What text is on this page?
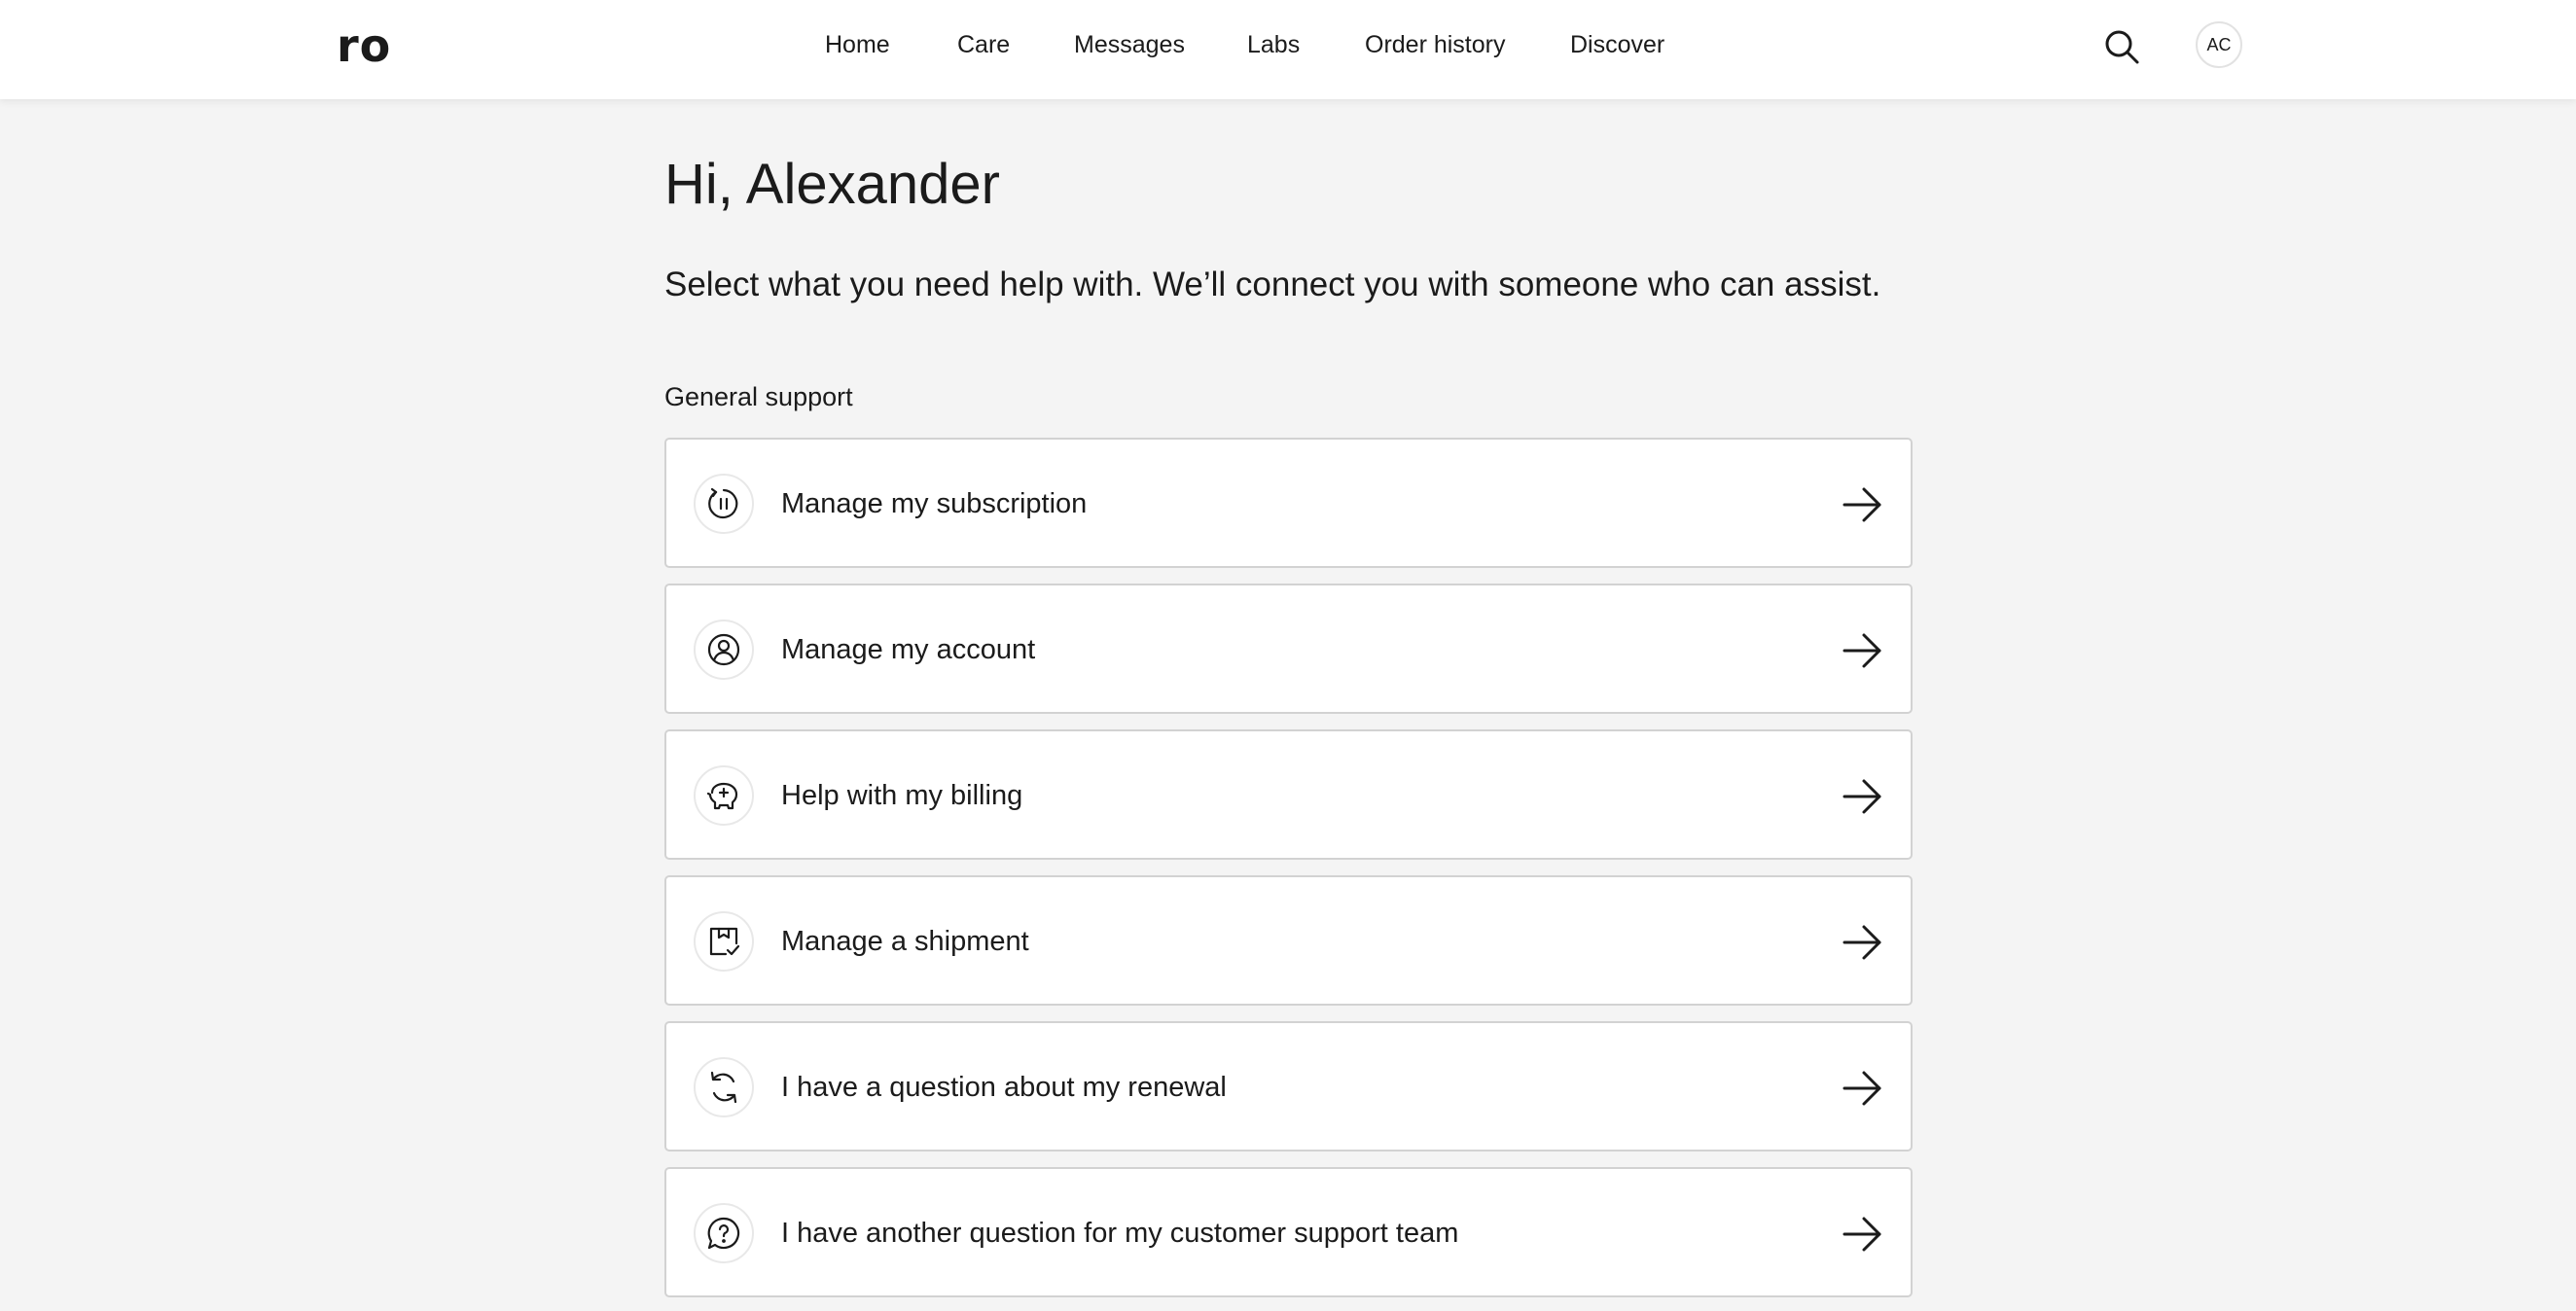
ro	Home	Care	Messages	Labs	Order history	Discover	AC
Hi, Alexander

Select what you need help with. We’ll connect you with someone who can assist.

General support
Manage my subscription
Manage my account
Help with my billing
Manage a shipment
I have a question about my renewal
I have another question for my customer support team
